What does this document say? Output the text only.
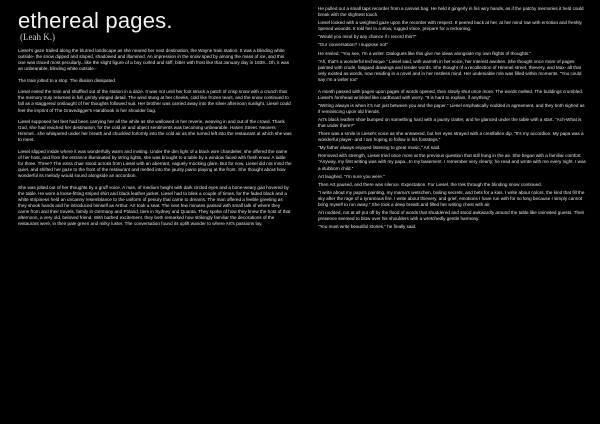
ethereal pages.
(Leah K.)

Liesel's gaze trailed along the blurred landscape as she neared her next destination, the Wayne train station. It was a blinding white outside- the snow dipped and sloped, shadowed and illumined. An impression in the snow sped by among the mass of ice, and this one was traced most peculiarly...like the slight figure of a boy curled and stiff, bitter with frost like that January day in 1939...Oh, it was an unbearable, blinding white outside.-

The train jolted to a stop. The illusion dissipated.

Liesel exited the train and shuffled out of the station in a daze. It was not until her foot struck a patch of crisp snow with a crunch that the memory truly returned in full, grimly winged detail. The wind stung at her cheeks, cold like frozen tears, and the snow continued to fall as a staggered onslaught of her thoughts followed suit. Her brother was carried away into the silver afternoon sunlight. Liesel could feel the imprint of The Gravedigger's Handbook in her shoulder bag.

Liesel supposed her feet had been carrying her all the while as she wallowed in her reverie, weaving in and out of the crowd. Thank God, she had reached her destination, for the cold air and abject sentiments was becoming unbearable. Hasen Street. Nearers Himmel...she whispered under her breath and chuckled forlornly into the cold air as she turned left into the restaurant at which she was to meet.

Liesel slipped inside where it was wonderfully warm and inviting. Under the dim light of a black wire chandelier, she offered the name of her host, and from the entrance illuminated by string lights, she was brought to a table by a window faced with fresh snow. A table for three. Three? The extra chair stood across from Liesel with an aberrant, vaguely mocking glare. But for now, Liesel did not mind the quiet, and shifted her gaze to the front of the restaurant and melted into the jaunty piano playing at the front. She thought about how wonderful its melody would sound alongside an accordion.

She was jolted out of her thoughts by a gruff voice. A man, of medium height with dark circled eyes and a bone-weary gait hovered by the table. He wore a loose-fitting striped shirt and black leather jacket. Liesel had to blink a couple of times, for the faded black and a white stripiness held an uncanny resemblance to the uniform of penury that came to dreams. The man offered a feeble greeting as they shook hands and he introduced himself as Arthur. Art took a seat. The next few minutes passed with small talk of where they came from and their travels, family in Germany and Poland, tiers in Sydney and Quanta. They spoke of how they knew the host of that afternoon, a very old, beloved friend. With bathed excitement, they both remarked how strikingly familiar the decorations of the restaurant were, in their pale green and milky luster. The conversation found its uplift wander to where Art's passions lay.

He pulled out a small taps recorder from a canvas bag. He held it gingerly in his wiry hands, as if the patchy memories it held could break with the slightest touch.

Liesel looked with a weighted gaze upon the recorder with respect. It peered back at her, at her mind raw with emotion and freshly opened wounds. It told her in a slow, rugged voice, prepare for a reckoning.

"Would you mind by any chance if I record this?"

"Our conversation? I suppose not"

He smiled. "You see, I'm a writer. Dialogues like this give me ideas alongside my own flights of thoughts."

"Ah, that's a wonderful technique." Liesel said, with warmth in her voice, her interest awoken. She thought once more of pages painted with crude, fatigued drawings and tender words. She thought of a recollection of Himmel street, thievery, and Max- all that only existed as words, now residing in a novel and in her restless mind. Her undeniable role was filled within moments. "You could say I'm a writer too"

A month passed with pages upon pages of words opened, then slowly shut once more. The words melted. The buildings crumbled. Liesel's forehead wrinkled like cardboard with worry. "It is hard to explain, if anything"

"Writing always is when it's not just between you and the paper." Liesel emphatically nodded in agreement, and they both sighed as if reminiscing upon old friends.

Art's black leather shoe bumped on something hard with a jaunty clatter, and he glanced under the table with a start. "Ach-What is that under there?"

There was a smile in Liesel's voice as she answered, but her eyes strayed with a crestfallen dip. "It's my accordion. My papa was a wonderful player- and I am hoping to follow in his footsteps."

"My father always enjoyed listening to great music," Art said.

Removed with strength, Liesel tried once more at the previous question that still hung in the air. She began with a familiar comfort. "Anyway, my first writing was with my papa...In my basement. I remember very clearly; he read and wrote with me every night. I was a stubborn child."

Art laughed. "I'm sure you were."

Then Art paused, and there was silence. Expectation. For Liesel, the trek through the blinding snow continued.

"I write about my papa's painting, my mama's wetschen, boiling secrets, and bets for a kiss. I write about colors, the kind that fill the sky after the rage of a tyrannous fire. I write about thievery, and grief, emotions I have run with for so long because I simply cannot bring myself to run away." She took a deep breath and filled her writing chest with air.

Art nodded, not at all put off by the flood of words that shuddered and stood awkwardly around the table like uninvited guests. Their presence seemed to blow over his shoulders with a wretchedly gentle harmony.

"You must write beautiful stories," he finally said.
